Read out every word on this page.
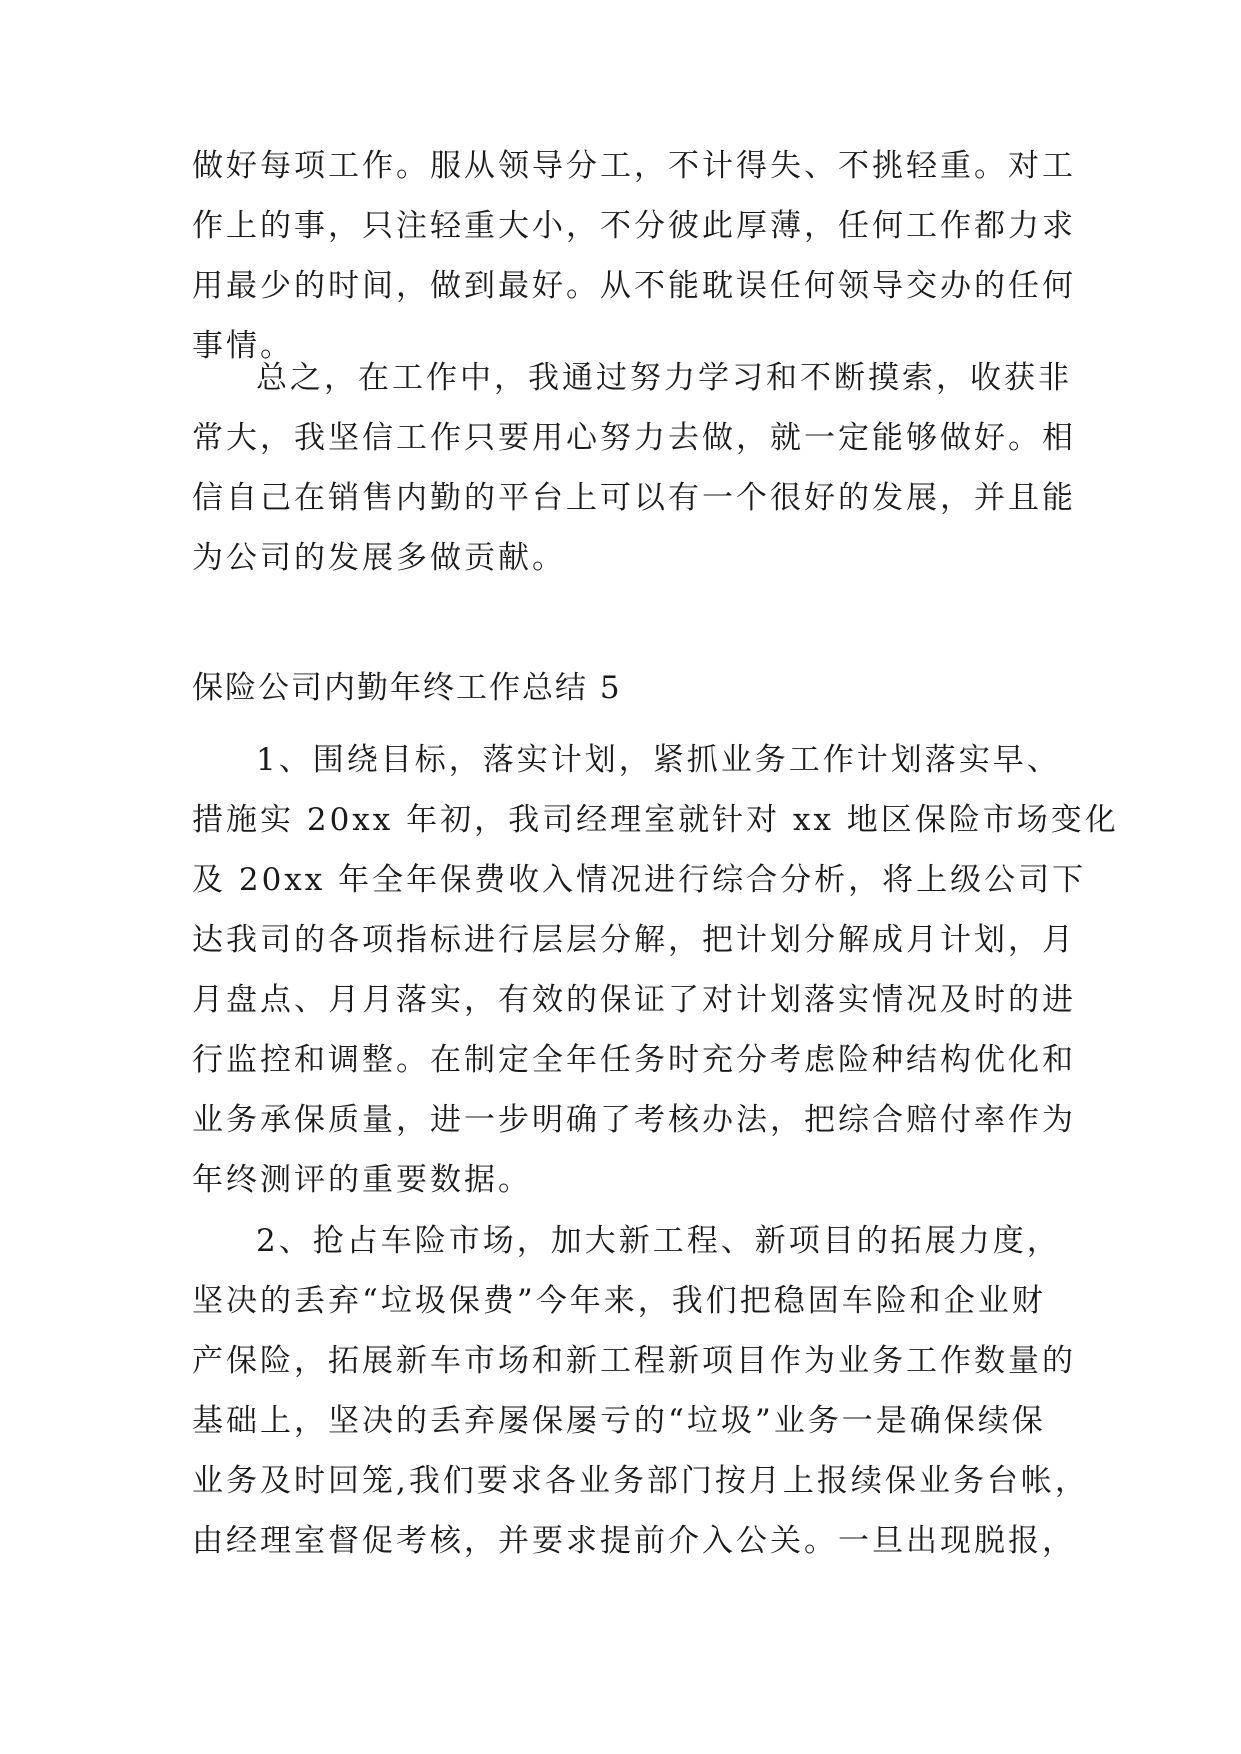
做好每项工作。服从领导分工，不计得失、不挑轻重。对工
作上的事，只注轻重大小，不分彼此厚薄，任何工作都力求
用最少的时间，做到最好。从不能耽误任何领导交办的任何
事情。
总之，在工作中，我通过努力学习和不断摸索，收获非
常大，我坚信工作只要用心努力去做，就一定能够做好。相
信自己在销售内勤的平台上可以有一个很好的发展，并且能
为公司的发展多做贡献。
保险公司内勤年终工作总结 5
1、围绕目标，落实计划，紧抓业务工作计划落实早、
措施实 20xx 年初，我司经理室就针对 xx 地区保险市场变化
及 20xx 年全年保费收入情况进行综合分析，将上级公司下
达我司的各项指标进行层层分解，把计划分解成月计划，月
月盘点、月月落实，有效的保证了对计划落实情况及时的进
行监控和调整。在制定全年任务时充分考虑险种结构优化和
业务承保质量，进一步明确了考核办法，把综合赔付率作为
年终测评的重要数据。
2、抢占车险市场，加大新工程、新项目的拓展力度，
坚决的丢弃“垃圾保费”今年来，我们把稳固车险和企业财
产保险，拓展新车市场和新工程新项目作为业务工作数量的
基础上，坚决的丢弃屡保屡亏的“垃圾”业务一是确保续保
业务及时回笼,我们要求各业务部门按月上报续保业务台帐，
由经理室督促考核，并要求提前介入公关。一旦出现脱报，
